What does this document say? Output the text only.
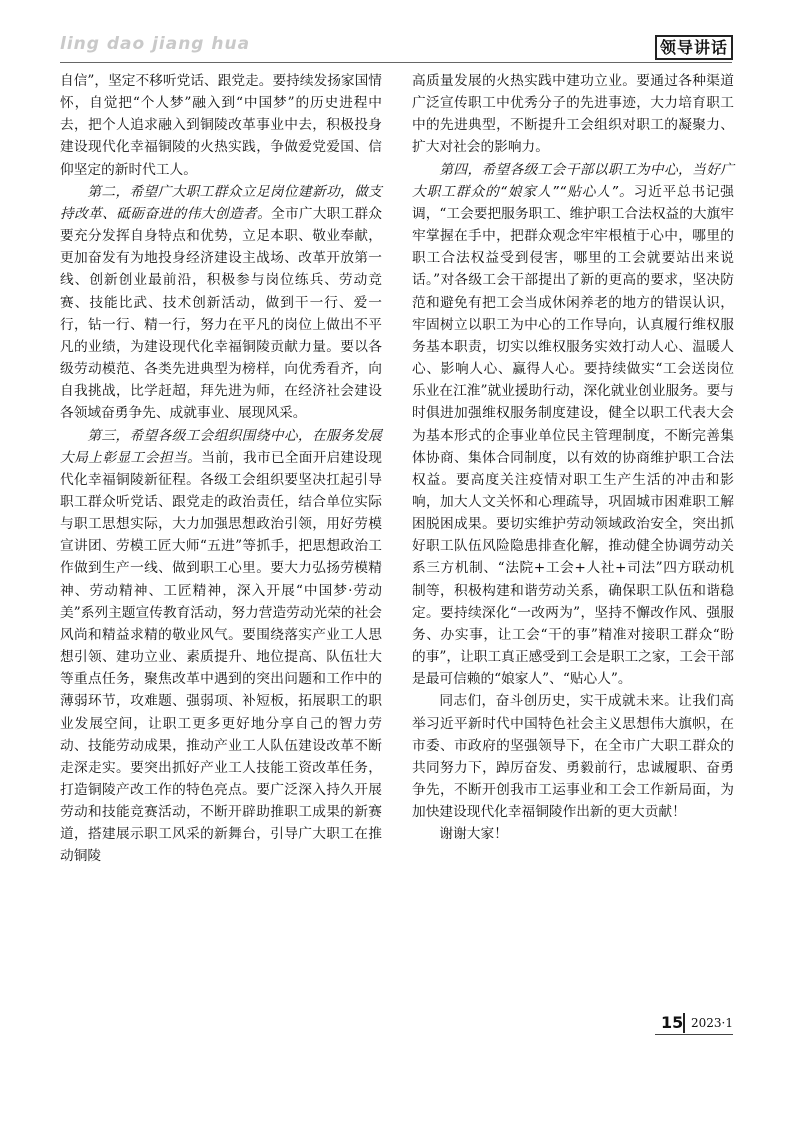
ling dao jiang hua	领导讲话

自信”，坚定不移听党话、跟党走。要持续发扬家国情怀，自觉把“个人梦”融入到“中国梦”的历史进程中去，把个人追求融入到铜陵改革事业中去，积极投身建设现代化幸福铜陵的火热实践，争做爱党爱国、信仰坚定的新时代工人。

第二，希望广大职工群众立足岗位建新功，做支持改革、砥砺奋进的伟大创造者。全市广大职工群众要充分发挥自身特点和优势，立足本职、敬业奉献，更加奋发有为地投身经济建设主战场、改革开放第一线、创新创业最前沿，积极参与岗位练兵、劳动竞赛、技能比武、技术创新活动，做到干一行、爱一行，钻一行、精一行，努力在平凡的岗位上做出不平凡的业绩，为建设现代化幸福铜陵贡献力量。要以各级劳动模范、各类先进典型为榜样，向优秀看齐，向自我挑战，比学赶超，拜先进为师，在经济社会建设各领域奋勇争先、成就事业、展现风采。

第三，希望各级工会组织围绕中心，在服务发展大局上彰显工会担当。当前，我市已全面开启建设现代化幸福铜陵新征程。各级工会组织要坚决扛起引导职工群众听党话、跟党走的政治责任，结合单位实际与职工思想实际，大力加强思想政治引领，用好劳模宣讲团、劳模工匠大师“五进”等抓手，把思想政治工作做到生产一线、做到职工心里。要大力弘扬劳模精神、劳动精神、工匠精神，深入开展“中国梦·劳动美”系列主题宣传教育活动，努力营造劳动光荣的社会风尚和精益求精的敬业风气。要围绕落实产业工人思想引领、建功立业、素质提升、地位提高、队伍壮大等重点任务，聚焦改革中遇到的突出问题和工作中的薄弱环节，攻难题、强弱项、补短板，拓展职工的职业发展空间，让职工更多更好地分享自己的智力劳动、技能劳动成果，推动产业工人队伍建设改革不断走深走实。要突出抓好产业工人技能工资改革任务，打造铜陵产改工作的特色亮点。要广泛深入持久开展劳动和技能竞赛活动，不断开辟助推职工成果的新赛道，搭建展示职工风采的新舞台，引导广大职工在推动铜陵

高质量发展的火热实践中建功立业。要通过各种渠道广泛宣传职工中优秀分子的先进事迹，大力培育职工中的先进典型，不断提升工会组织对职工的凝聚力、扩大对社会的影响力。

第四，希望各级工会干部以职工为中心，当好广大职工群众的“娘家人”“贴心人”。习近平总书记强调，“工会要把服务职工、维护职工合法权益的大旗牢牢掌握在手中，把群众观念牢牢根植于心中，哪里的职工合法权益受到侵害，哪里的工会就要站出来说话。”对各级工会干部提出了新的更高的要求，坚决防范和避免有把工会当成休闲养老的地方的错误认识，牢固树立以职工为中心的工作导向，认真履行维权服务基本职责，切实以维权服务实效打动人心、温暖人心、影响人心、赢得人心。要持续做实“工会送岗位 乐业在江淮”就业援助行动，深化就业创业服务。要与时俱进加强维权服务制度建设，健全以职工代表大会为基本形式的企事业单位民主管理制度，不断完善集体协商、集体合同制度，以有效的协商维护职工合法权益。要高度关注疫情对职工生产生活的冲击和影响，加大人文关怀和心理疏导，巩固城市困难职工解困脱困成果。要切实维护劳动领域政治安全，突出抓好职工队伍风险隐患排查化解，推动健全协调劳动关系三方机制、“法院+工会+人社+司法”四方联动机制等，积极构建和谐劳动关系，确保职工队伍和谐稳定。要持续深化“一改两为”，坚持不懈改作风、强服务、办实事，让工会“干的事”精准对接职工群众“盼的事”，让职工真正感受到工会是职工之家，工会干部是最可信赖的“娘家人”、“贴心人”。

同志们，奋斗创历史，实干成就未来。让我们高举习近平新时代中国特色社会主义思想伟大旗帜，在市委、市政府的坚强领导下，在全市广大职工群众的共同努力下，踔厉奋发、勇毅前行，忠诚履职、奋勇争先，不断开创我市工运事业和工会工作新局面，为加快建设现代化幸福铜陵作出新的更大贡献！

谢谢大家！

15 2023·1
